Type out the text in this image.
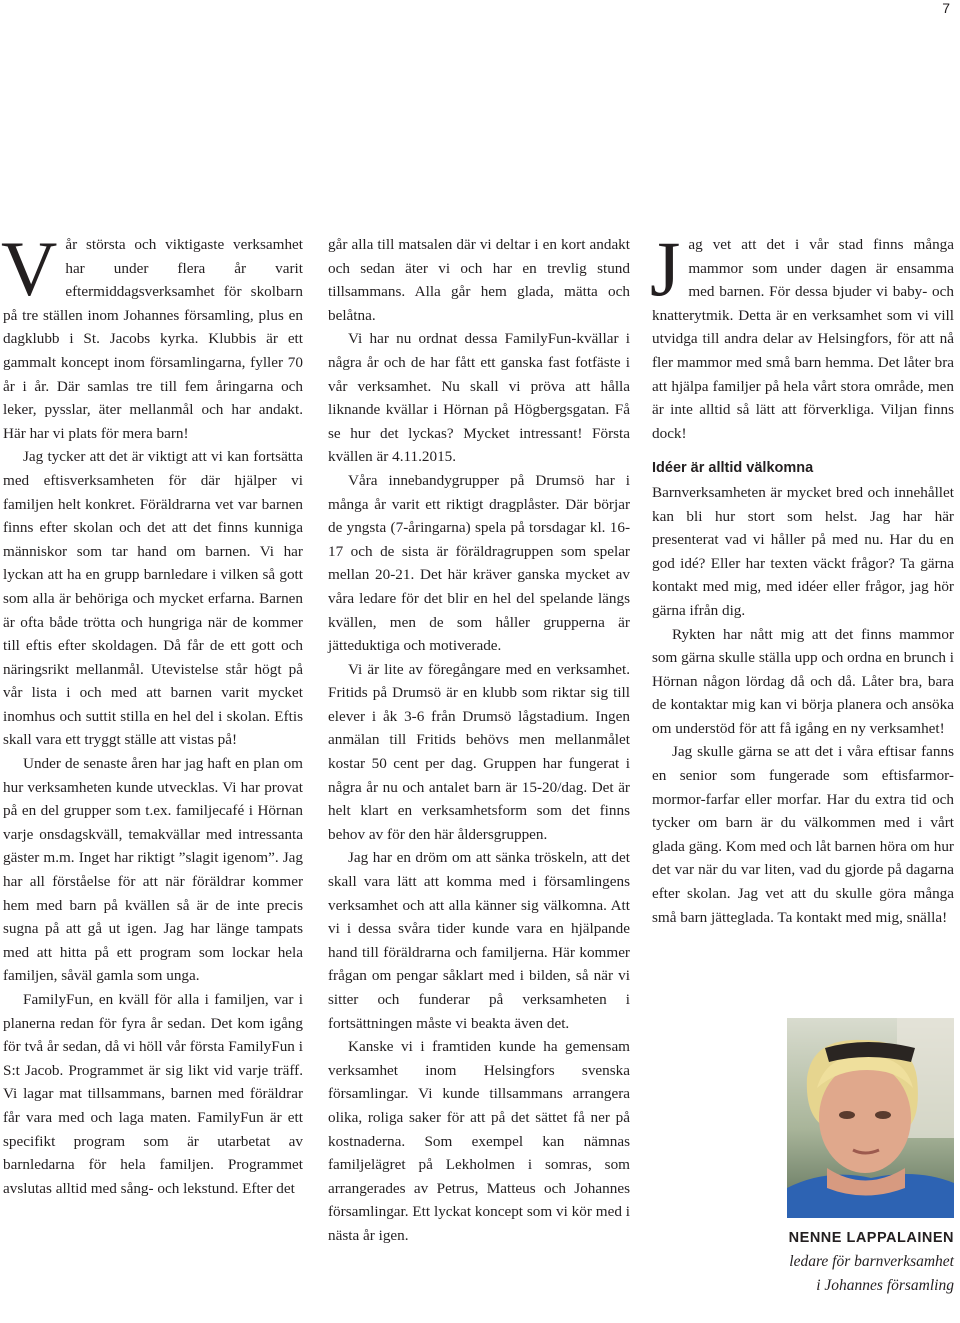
7

Vår största och viktigaste verksamhet har under flera år varit eftermiddagsverksamhet för skolbarn på tre ställen inom Johannes församling, plus en dagklubb i St. Jacobs kyrka. Klubbis är ett gammalt koncept inom församlingarna, fyller 70 år i år. Där samlas tre till fem åringarna och leker, pysslar, äter mellanmål och har andakt. Här har vi plats för mera barn!

Jag tycker att det är viktigt att vi kan fortsätta med eftisverksamheten för där hjälper vi familjen helt konkret. Föräldrarna vet var barnen finns efter skolan och det att det finns kunniga människor som tar hand om barnen. Vi har lyckan att ha en grupp barnledare i vilken så gott som alla är behöriga och mycket erfarna. Barnen är ofta både trötta och hungriga när de kommer till eftis efter skoldagen. Då får de ett gott och näringsrikt mellanmål. Utevistelse står högt på vår lista i och med att barnen varit mycket inomhus och suttit stilla en hel del i skolan. Eftis skall vara ett tryggt ställe att vistas på!

Under de senaste åren har jag haft en plan om hur verksamheten kunde utvecklas. Vi har provat på en del grupper som t.ex. familjecafé i Hörnan varje onsdagskväll, temakvällar med intressanta gäster m.m. Inget har riktigt ”slagit igenom”. Jag har all förståelse för att när föräldrar kommer hem med barn på kvällen så är de inte precis sugna på att gå ut igen. Jag har länge tampats med att hitta på ett program som lockar hela familjen, såväl gamla som unga.

FamilyFun, en kväll för alla i familjen, var i planerna redan för fyra år sedan. Det kom igång för två år sedan, då vi höll vår första FamilyFun i S:t Jacob. Programmet är sig likt vid varje träff. Vi lagar mat tillsammans, barnen med föräldrar får vara med och laga maten. FamilyFun är ett specifikt program som är utarbetat av barnledarna för hela familjen. Programmet avslutas alltid med sång- och lekstund. Efter det

går alla till matsalen där vi deltar i en kort andakt och sedan äter vi och har en trevlig stund tillsammans. Alla går hem glada, mätta och belåtna.

Vi har nu ordnat dessa FamilyFun-kvällar i några år och de har fått ett ganska fast fotfäste i vår verksamhet. Nu skall vi pröva att hålla liknande kvällar i Hörnan på Högbergsgatan. Få se hur det lyckas? Mycket intressant! Första kvällen är 4.11.2015.

Våra innebandygrupper på Drumsö har i många år varit ett riktigt dragplåster. Där börjar de yngsta (7-åringarna) spela på torsdagar kl. 16-17 och de sista är föräldragruppen som spelar mellan 20-21. Det här kräver ganska mycket av våra ledare för det blir en hel del spelande längs kvällen, men de som håller grupperna är jätteduktiga och motiverade.

Vi är lite av föregångare med en verksamhet. Fritids på Drumsö är en klubb som riktar sig till elever i åk 3-6 från Drumsö lågstadium. Ingen anmälan till Fritids behövs men mellanmålet kostar 50 cent per dag. Gruppen har fungerat i några år nu och antalet barn är 15-20/dag. Det är helt klart en verksamhetsform som det finns behov av för den här åldersgruppen.

Jag har en dröm om att sänka tröskeln, att det skall vara lätt att komma med i församlingens verksamhet och att alla känner sig välkomna. Att vi i dessa svåra tider kunde vara en hjälpande hand till föräldrarna och familjerna. Här kommer frågan om pengar såklart med i bilden, så när vi sitter och funderar på verksamheten i fortsättningen måste vi beakta även det.

Kanske vi i framtiden kunde ha gemensam verksamhet inom Helsingfors svenska församlingar. Vi kunde tillsammans arrangera olika, roliga saker för att på det sättet få ner på kostnaderna. Som exempel kan nämnas familjelägret på Lekholmen i somras, som arrangerades av Petrus, Matteus och Johannes församlingar. Ett lyckat koncept som vi kör med i nästa år igen.

Jag vet att det i vår stad finns många mammor som under dagen är ensamma med barnen. För dessa bjuder vi baby- och knatterytmik. Detta är en verksamhet som vi vill utvidga till andra delar av Helsingfors, för att nå fler mammor med små barn hemma. Det låter bra att hjälpa familjer på hela vårt stora område, men är inte alltid så lätt att förverkliga. Viljan finns dock!

Idéer är alltid välkomna

Barnverksamheten är mycket bred och innehållet kan bli hur stort som helst. Jag har här presenterat vad vi håller på med nu. Har du en god idé? Eller har texten väckt frågor? Ta gärna kontakt med mig, med idéer eller frågor, jag hör gärna ifrån dig.

Rykten har nått mig att det finns mammor som gärna skulle ställa upp och ordna en brunch i Hörnan någon lördag då och då. Låter bra, bara de kontaktar mig kan vi börja planera och ansöka om understöd för att få igång en ny verksamhet!

Jag skulle gärna se att det i våra eftisar fanns en senior som fungerade som eftisfarmor- mormor-farfar eller morfar. Har du extra tid och tycker om barn är du välkommen med i vårt glada gäng. Kom med och låt barnen höra om hur det var när du var liten, vad du gjorde på dagarna efter skolan. Jag vet att du skulle göra många små barn jätteglada. Ta kontakt med mig, snälla!

NENNE LAPPALAINEN
ledare för barnverksamhet
i Johannes församling
